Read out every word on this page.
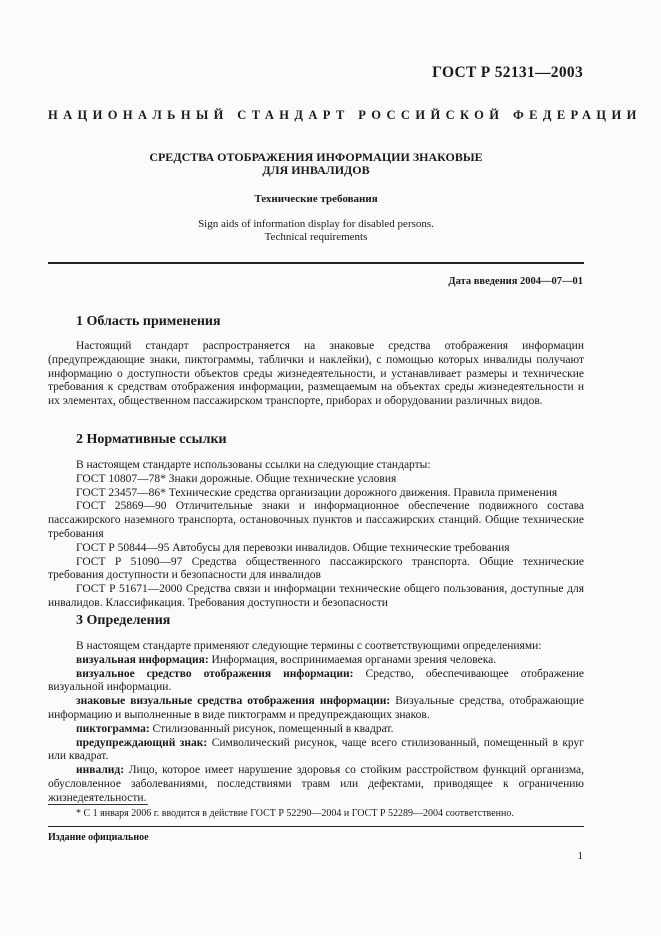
ГОСТ Р 52131—2003
НАЦИОНАЛЬНЫЙ СТАНДАРТ РОССИЙСКОЙ ФЕДЕРАЦИИ
СРЕДСТВА ОТОБРАЖЕНИЯ ИНФОРМАЦИИ ЗНАКОВЫЕ
ДЛЯ ИНВАЛИДОВ
Технические требования
Sign aids of information display for disabled persons.
Technical requirements
Дата введения 2004—07—01
1 Область применения

Настоящий стандарт распространяется на знаковые средства отображения информации (предупреждающие знаки, пиктограммы, таблички и наклейки), с помощью которых инвалиды получают информацию о доступности объектов среды жизнедеятельности, и устанавливает размеры и технические требования к средствам отображения информации, размещаемым на объектах среды жизнедеятельности и их элементах, общественном пассажирском транспорте, приборах и оборудовании различных видов.

2 Нормативные ссылки

В настоящем стандарте использованы ссылки на следующие стандарты:

ГОСТ 10807—78* Знаки дорожные. Общие технические условия

ГОСТ 23457—86* Технические средства организации дорожного движения. Правила применения

ГОСТ 25869—90 Отличительные знаки и информационное обеспечение подвижного состава пассажирского наземного транспорта, остановочных пунктов и пассажирских станций. Общие технические требования

ГОСТ Р 50844—95 Автобусы для перевозки инвалидов. Общие технические требования

ГОСТ Р 51090—97 Средства общественного пассажирского транспорта. Общие технические требования доступности и безопасности для инвалидов

ГОСТ Р 51671—2000 Средства связи и информации технические общего пользования, доступные для инвалидов. Классификация. Требования доступности и безопасности

3 Определения

В настоящем стандарте применяют следующие термины с соответствующими определениями:

визуальная информация: Информация, воспринимаемая органами зрения человека.

визуальное средство отображения информации: Средство, обеспечивающее отображение визуальной информации.

знаковые визуальные средства отображения информации: Визуальные средства, отображающие информацию и выполненные в виде пиктограмм и предупреждающих знаков.

пиктограмма: Стилизованный рисунок, помещенный в квадрат.

предупреждающий знак: Символический рисунок, чаще всего стилизованный, помещенный в круг или квадрат.

инвалид: Лицо, которое имеет нарушение здоровья со стойким расстройством функций организма, обусловленное заболеваниями, последствиями травм или дефектами, приводящее к ограничению жизнедеятельности.

* С 1 января 2006 г. вводится в действие ГОСТ Р 52290—2004 и ГОСТ Р 52289—2004 соответственно.
Издание официальное
1
